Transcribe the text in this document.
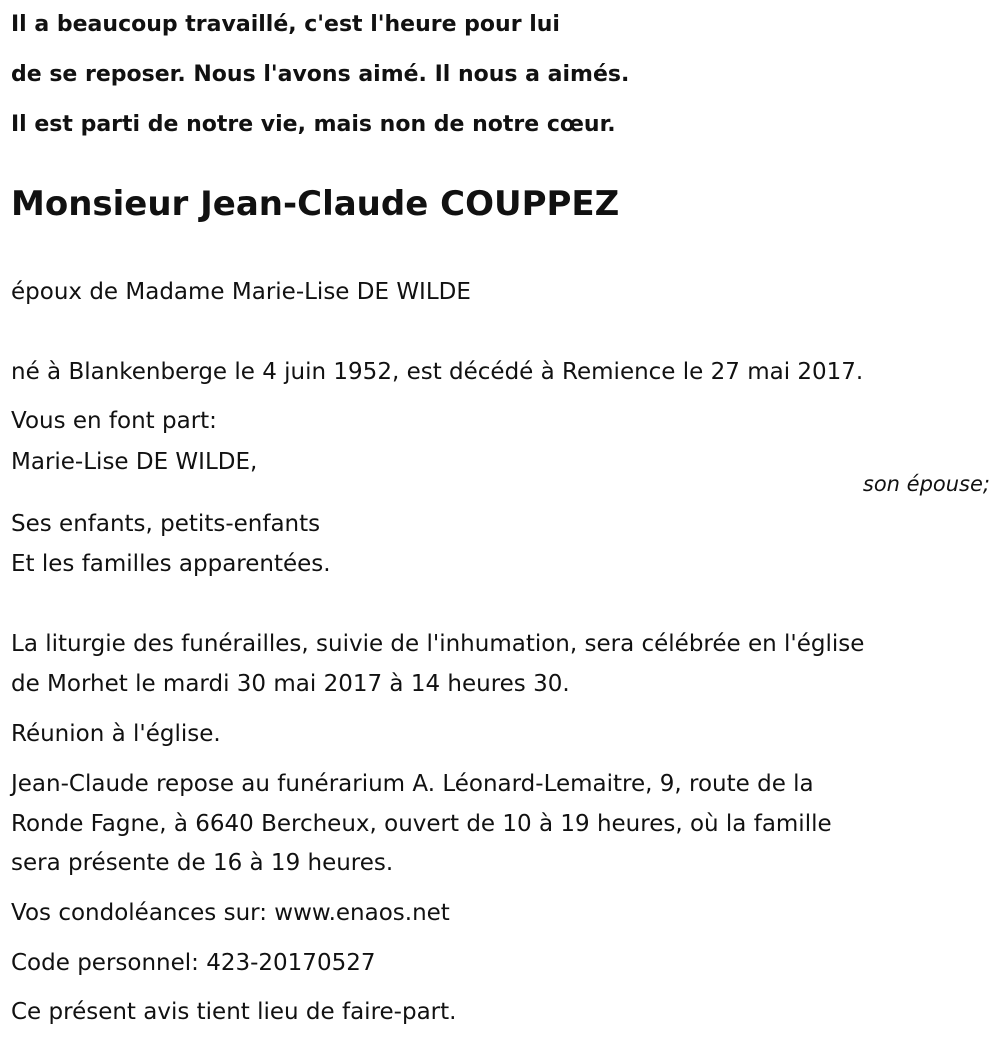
Il a beaucoup travaillé, c'est l'heure pour lui
de se reposer. Nous l'avons aimé. Il nous a aimés.
Il est parti de notre vie, mais non de notre cœur.
Monsieur Jean-Claude COUPPEZ
époux de Madame Marie-Lise DE WILDE
né à Blankenberge le 4 juin 1952, est décédé à Remience le 27 mai 2017.
Vous en font part:
Marie-Lise DE WILDE,
son épouse;
Ses enfants, petits-enfants
Et les familles apparentées.
La liturgie des funérailles, suivie de l'inhumation, sera célébrée en l'église
de Morhet le mardi 30 mai 2017 à 14 heures 30.
Réunion à l'église.
Jean-Claude repose au funérarium A. Léonard-Lemaitre, 9, route de la
Ronde Fagne, à 6640 Bercheux, ouvert de 10 à 19 heures, où la famille
sera présente de 16 à 19 heures.
Vos condoléances sur: www.enaos.net
Code personnel: 423-20170527
Ce présent avis tient lieu de faire-part.
